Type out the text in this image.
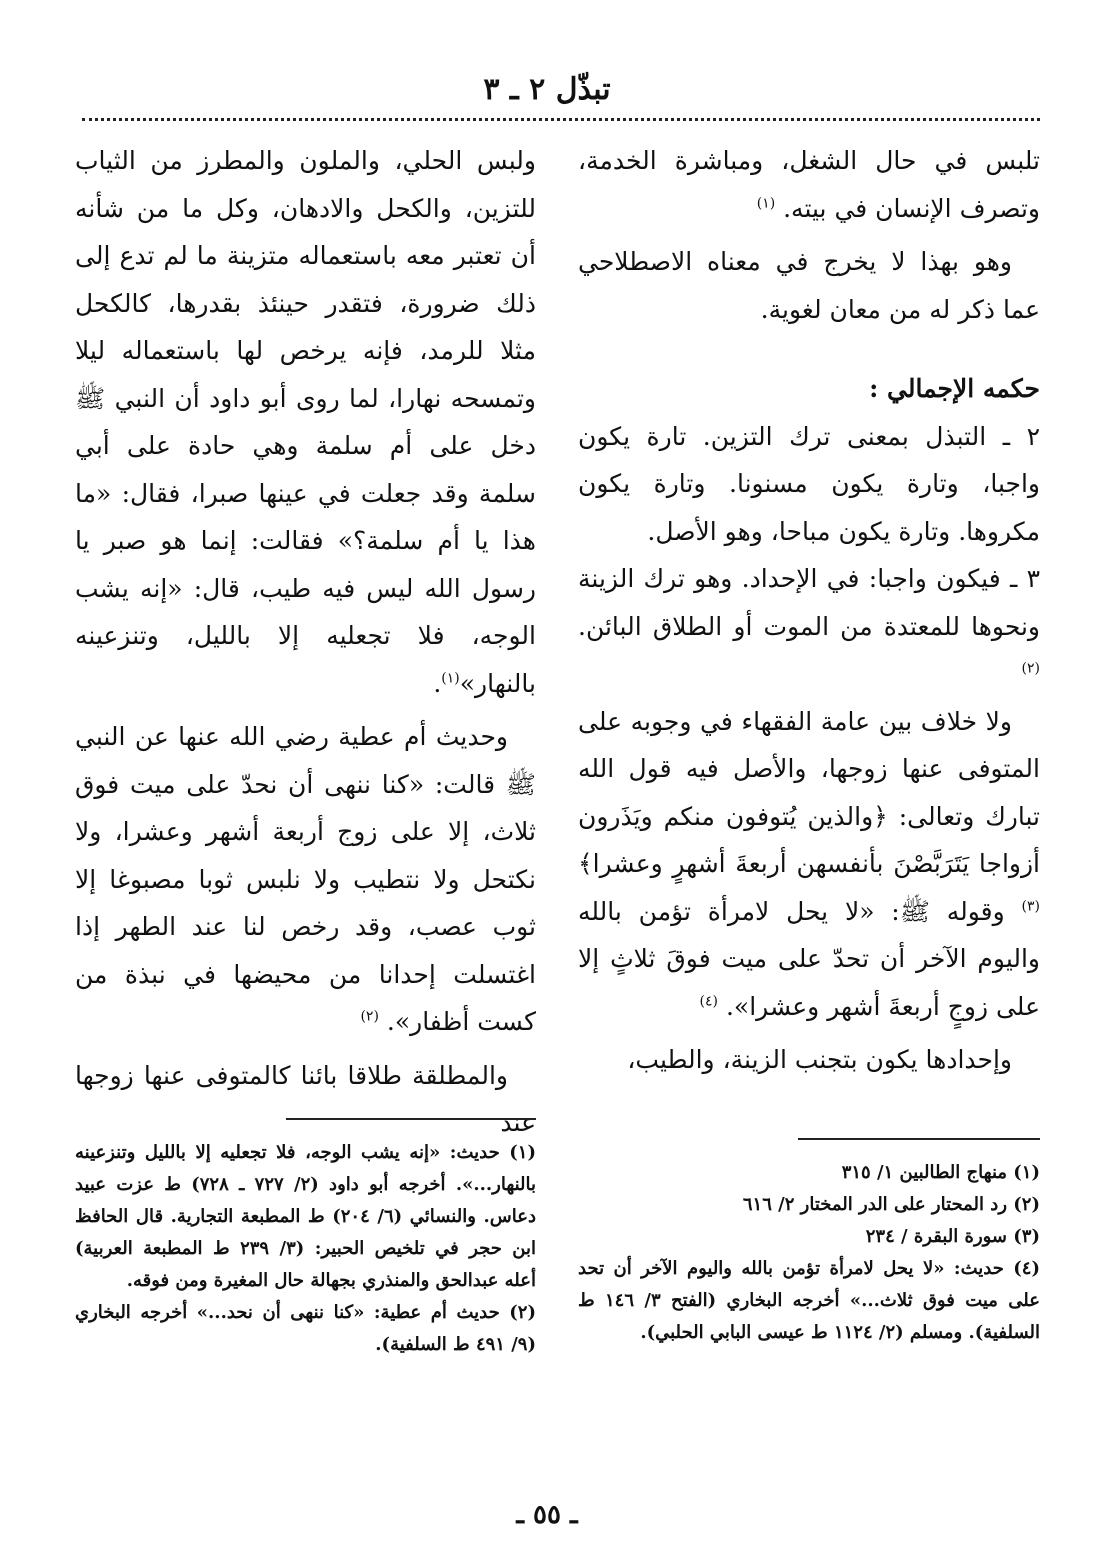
تبذّل ٢ ـ ٣

تلبس في حال الشغل، ومباشرة الخدمة، وتصرف الإنسان في بيته. $^{(١)}$

وهو بهذا لا يخرج في معناه الاصطلاحي عما ذكر له من معان لغوية.

حكمه الإجمالي :

٢ ـ التبذل بمعنى ترك التزين. تارة يكون واجبا، وتارة يكون مسنونا. وتارة يكون مكروها. وتارة يكون مباحا، وهو الأصل.

٣ ـ فيكون واجبا: في الإحداد. وهو ترك الزينة ونحوها للمعتدة من الموت أو الطلاق البائن. $^{(٢)}$

ولا خلاف بين عامة الفقهاء في وجوبه على المتوفى عنها زوجها، والأصل فيه قول الله تبارك وتعالى: ﴿والذين يُتوفون منكم ويَذَرون أزواجا يَتَرَبَّصْنَ بأنفسهن أربعةَ أشهرٍ وعشرا﴾$^{(٣)}$ وقوله ﷺ: «لا يحل لامرأة تؤمن بالله واليوم الآخر أن تحدّ على ميت فوقَ ثلاثٍ إلا على زوجٍ أربعةَ أشهر وعشرا». $^{(٤)}$

وإحدادها يكون بتجنب الزينة، والطيب،

ولبس الحلي، والملون والمطرز من الثياب للتزين، والكحل والادهان، وكل ما من شأنه أن تعتبر معه باستعماله متزينة ما لم تدع إلى ذلك ضرورة، فتقدر حينئذ بقدرها، كالكحل مثلا للرمد، فإنه يرخص لها باستعماله ليلا وتمسحه نهارا، لما روى أبو داود أن النبي ﷺ دخل على أم سلمة وهي حادة على أبي سلمة وقد جعلت في عينها صبرا، فقال: «ما هذا يا أم سلمة؟» فقالت: إنما هو صبر يا رسول الله ليس فيه طيب، قال: «إنه يشب الوجه، فلا تجعليه إلا بالليل، وتنزعينه بالنهار»$^{(١)}$.

وحديث أم عطية رضي الله عنها عن النبي ﷺ قالت: «كنا ننهى أن نحدّ على ميت فوق ثلاث، إلا على زوج أربعة أشهر وعشرا، ولا نكتحل ولا نتطيب ولا نلبس ثوبا مصبوغا إلا ثوب عصب، وقد رخص لنا عند الطهر إذا اغتسلت إحدانا من محيضها في نبذة من كست أظفار». $^{(٢)}$

والمطلقة طلاقا بائنا كالمتوفى عنها زوجها عند

(١) منهاج الطالبين ١/ ٣١٥

(٢) رد المحتار على الدر المختار ٢/ ٦١٦

(٣) سورة البقرة / ٢٣٤

(٤) حديث: «لا يحل لامرأة تؤمن بالله واليوم الآخر أن تحد على ميت فوق ثلاث...» أخرجه البخاري (الفتح ٣/ ١٤٦ ط السلفية). ومسلم (٢/ ١١٢٤ ط عيسى البابي الحلبي).

(١) حديث: «إنه يشب الوجه، فلا تجعليه إلا بالليل وتنزعينه بالنهار...». أخرجه أبو داود (٢/ ٧٢٧ ـ ٧٢٨) ط عزت عبيد دعاس. والنسائي (٦/ ٢٠٤) ط المطبعة التجارية. قال الحافظ ابن حجر في تلخيص الحبير: (٣/ ٢٣٩ ط المطبعة العربية) أعله عبدالحق والمنذري بجهالة حال المغيرة ومن فوقه.

(٢) حديث أم عطية: «كنا ننهى أن نحد...» أخرجه البخاري (٩/ ٤٩١ ط السلفية).

ـ ٥٥ ـ
